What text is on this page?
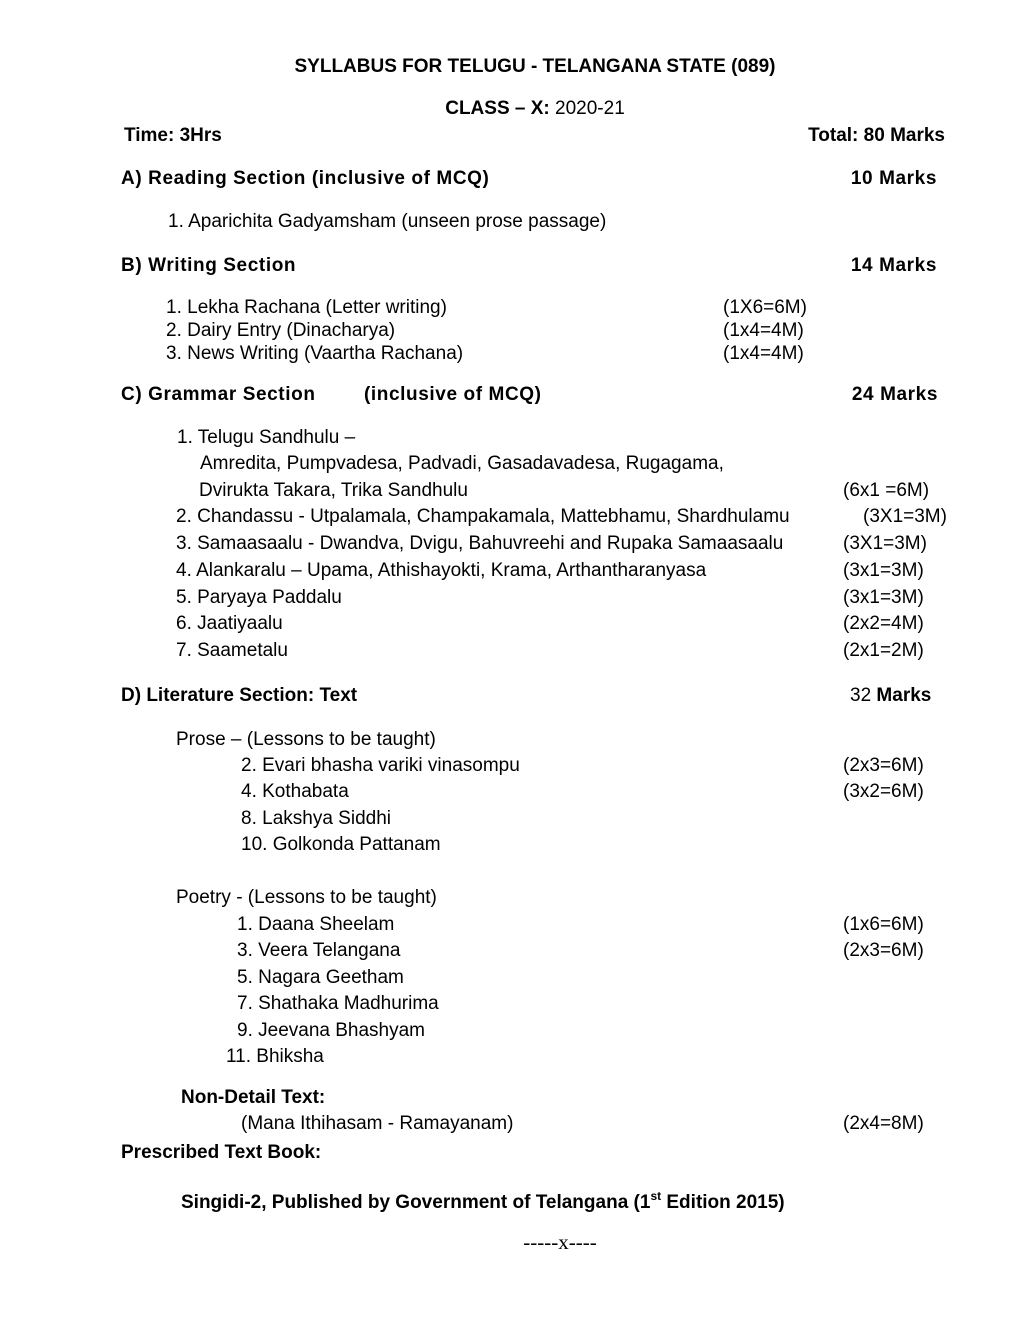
SYLLABUS FOR TELUGU - TELANGANA STATE (089)
CLASS – X: 2020-21
Time: 3Hrs	Total: 80 Marks
A) Reading Section (inclusive of MCQ)	10 Marks
1. Aparichita Gadyamsham (unseen prose passage)
B) Writing Section	14 Marks
1. Lekha Rachana (Letter writing)	(1X6=6M)
2. Dairy Entry (Dinacharya)	(1x4=4M)
3. News Writing (Vaartha Rachana)	(1x4=4M)
C) Grammar Section	(inclusive of MCQ)	24 Marks
1. Telugu Sandhulu –
Amredita, Pumpvadesa, Padvadi, Gasadavadesa, Rugagama,
Dvirukta Takara, Trika Sandhulu	(6x1 =6M)
2. Chandassu - Utpalamala, Champakamala, Mattebhamu, Shardhulamu	(3X1=3M)
3. Samaasaalu - Dwandva, Dvigu, Bahuvreehi and Rupaka Samaasaalu	(3X1=3M)
4. Alankaralu – Upama, Athishayokti, Krama, Arthantharanyasa	(3x1=3M)
5. Paryaya Paddalu	(3x1=3M)
6. Jaatiyaalu	(2x2=4M)
7. Saametalu	(2x1=2M)
D) Literature Section: Text	32 Marks
Prose – (Lessons to be taught)
2. Evari bhasha variki vinasompu	(2x3=6M)
4. Kothabata	(3x2=6M)
8. Lakshya Siddhi
10. Golkonda Pattanam
Poetry - (Lessons to be taught)
1. Daana Sheelam	(1x6=6M)
3. Veera Telangana	(2x3=6M)
5. Nagara Geetham
7. Shathaka Madhurima
9. Jeevana Bhashyam
11. Bhiksha
Non-Detail Text:
(Mana Ithihasam - Ramayanam)	(2x4=8M)
Prescribed Text Book:
Singidi-2, Published by Government of Telangana (1st Edition 2015)
-----x----
